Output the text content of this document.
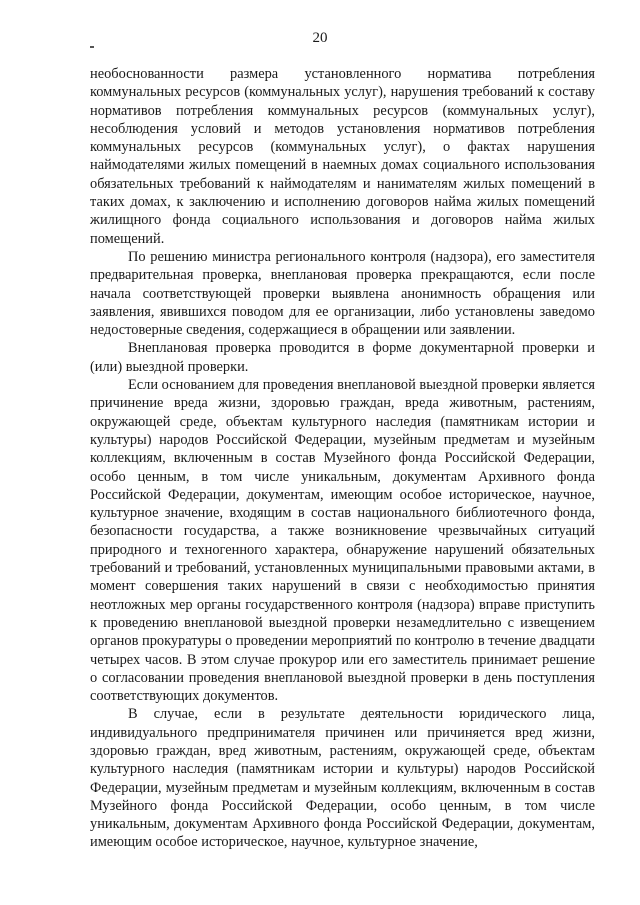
20

необоснованности размера установленного норматива потребления коммунальных ресурсов (коммунальных услуг), нарушения требований к составу нормативов потребления коммунальных ресурсов (коммунальных услуг), несоблюдения условий и методов установления нормативов потребления коммунальных ресурсов (коммунальных услуг), о фактах нарушения наймодателями жилых помещений в наемных домах социального использования обязательных требований к наймодателям и нанимателям жилых помещений в таких домах, к заключению и исполнению договоров найма жилых помещений жилищного фонда социального использования и договоров найма жилых помещений.

По решению министра регионального контроля (надзора), его заместителя предварительная проверка, внеплановая проверка прекращаются, если после начала соответствующей проверки выявлена анонимность обращения или заявления, явившихся поводом для ее организации, либо установлены заведомо недостоверные сведения, содержащиеся в обращении или заявлении.

Внеплановая проверка проводится в форме документарной проверки и (или) выездной проверки.

Если основанием для проведения внеплановой выездной проверки является причинение вреда жизни, здоровью граждан, вреда животным, растениям, окружающей среде, объектам культурного наследия (памятникам истории и культуры) народов Российской Федерации, музейным предметам и музейным коллекциям, включенным в состав Музейного фонда Российской Федерации, особо ценным, в том числе уникальным, документам Архивного фонда Российской Федерации, документам, имеющим особое историческое, научное, культурное значение, входящим в состав национального библиотечного фонда, безопасности государства, а также возникновение чрезвычайных ситуаций природного и техногенного характера, обнаружение нарушений обязательных требований и требований, установленных муниципальными правовыми актами, в момент совершения таких нарушений в связи с необходимостью принятия неотложных мер органы государственного контроля (надзора) вправе приступить к проведению внеплановой выездной проверки незамедлительно с извещением органов прокуратуры о проведении мероприятий по контролю в течение двадцати четырех часов. В этом случае прокурор или его заместитель принимает решение о согласовании проведения внеплановой выездной проверки в день поступления соответствующих документов.

В случае, если в результате деятельности юридического лица, индивидуального предпринимателя причинен или причиняется вред жизни, здоровью граждан, вред животным, растениям, окружающей среде, объектам культурного наследия (памятникам истории и культуры) народов Российской Федерации, музейным предметам и музейным коллекциям, включенным в состав Музейного фонда Российской Федерации, особо ценным, в том числе уникальным, документам Архивного фонда Российской Федерации, документам, имеющим особое историческое, научное, культурное значение,
